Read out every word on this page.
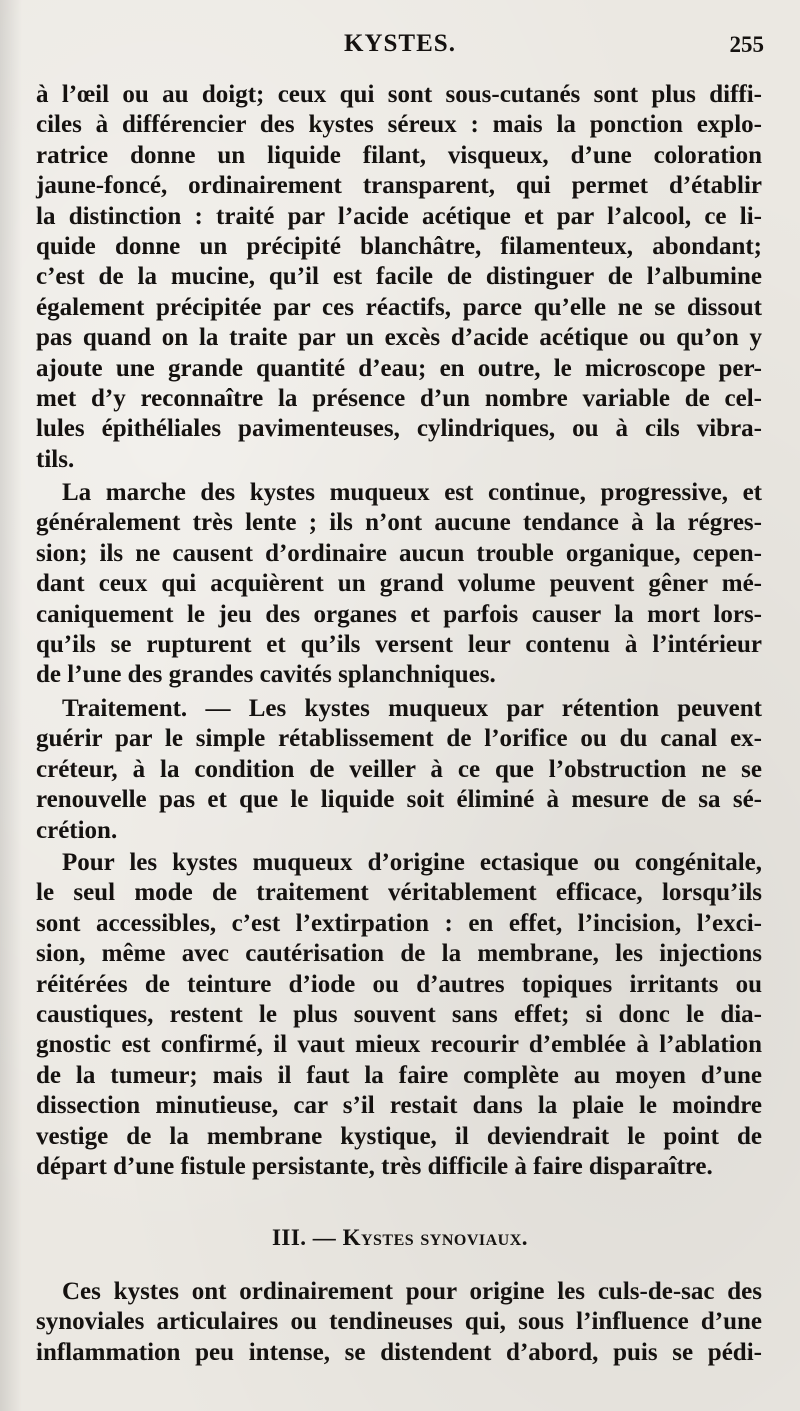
KYSTES.	255
à l’œil ou au doigt; ceux qui sont sous-cutanés sont plus diffi-
ciles à différencier des kystes séreux : mais la ponction explo-
ratrice donne un liquide filant, visqueux, d’une coloration
jaune-foncé, ordinairement transparent, qui permet d’établir
la distinction : traité par l’acide acétique et par l’alcool, ce li-
quide donne un précipité blanchâtre, filamenteux, abondant;
c’est de la mucine, qu’il est facile de distinguer de l’albumine
également précipitée par ces réactifs, parce qu’elle ne se dissout
pas quand on la traite par un excès d’acide acétique ou qu’on y
ajoute une grande quantité d’eau; en outre, le microscope per-
met d’y reconnaître la présence d’un nombre variable de cel-
lules épithéliales pavimenteuses, cylindriques, ou à cils vibra-
tils.
La marche des kystes muqueux est continue, progressive, et
généralement très lente ; ils n’ont aucune tendance à la régres-
sion; ils ne causent d’ordinaire aucun trouble organique, cepen-
dant ceux qui acquièrent un grand volume peuvent gêner mé-
caniquement le jeu des organes et parfois causer la mort lors-
qu’ils se rupturent et qu’ils versent leur contenu à l’intérieur
de l’une des grandes cavités splanchniques.
Traitement. — Les kystes muqueux par rétention peuvent
guérir par le simple rétablissement de l’orifice ou du canal ex-
créteur, à la condition de veiller à ce que l’obstruction ne se
renouvelle pas et que le liquide soit éliminé à mesure de sa sé-
crétion.
Pour les kystes muqueux d’origine ectasique ou congénitale,
le seul mode de traitement véritablement efficace, lorsqu’ils
sont accessibles, c’est l’extirpation : en effet, l’incision, l’exci-
sion, même avec cautérisation de la membrane, les injections
réitérées de teinture d’iode ou d’autres topiques irritants ou
caustiques, restent le plus souvent sans effet; si donc le dia-
gnostic est confirmé, il vaut mieux recourir d’emblée à l’ablation
de la tumeur; mais il faut la faire complète au moyen d’une
dissection minutieuse, car s’il restait dans la plaie le moindre
vestige de la membrane kystique, il deviendrait le point de
départ d’une fistule persistante, très difficile à faire disparaître.
III. — Kystes synoviaux.
Ces kystes ont ordinairement pour origine les culs-de-sac des
synoviales articulaires ou tendineuses qui, sous l’influence d’une
inflammation peu intense, se distendent d’abord, puis se pédi-
